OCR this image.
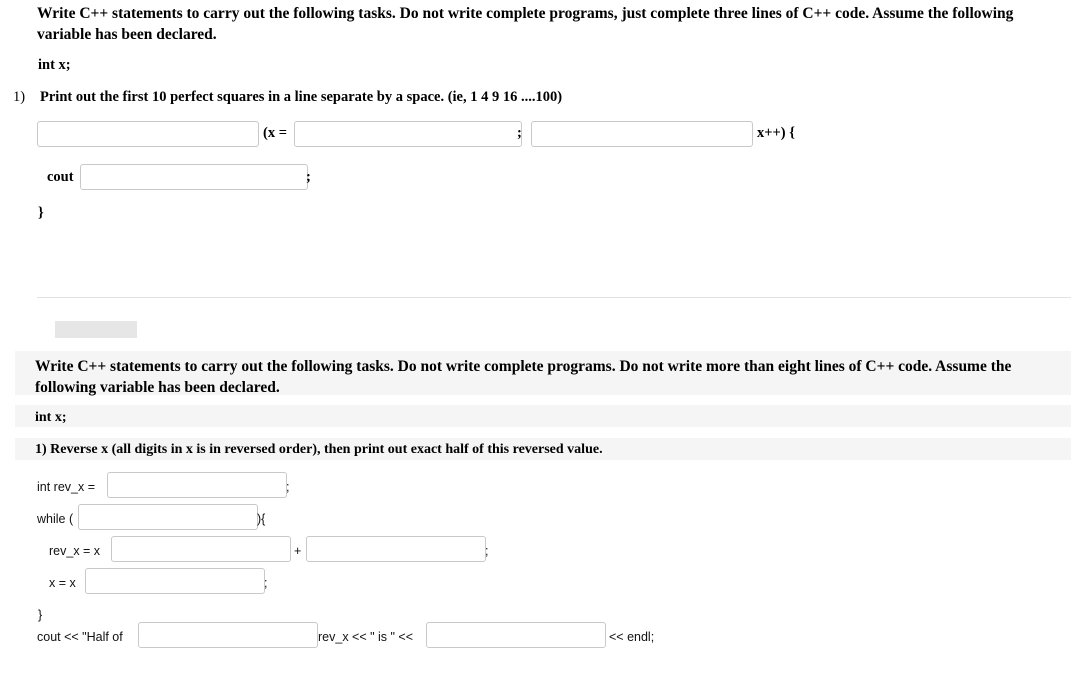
Write C++ statements to carry out the following tasks. Do not write complete programs, just complete three lines of C++ code. Assume the following variable has been declared.
int x;
1) Print out the first 10 perfect squares in a line separate by a space. (ie, 1 4 9 16 ....100)
(x =	;	x++) {
cout	;
}
Write C++ statements to carry out the following tasks. Do not write complete programs. Do not write more than eight lines of C++ code. Assume the following variable has been declared.
int x;
1) Reverse x (all digits in x is in reversed order), then print out exact half of this reversed value.
int rev_x =	;
while (	){
rev_x = x	+	;
x = x	;
}
cout << "Half of	rev_x << " is " <<	<< endl;
